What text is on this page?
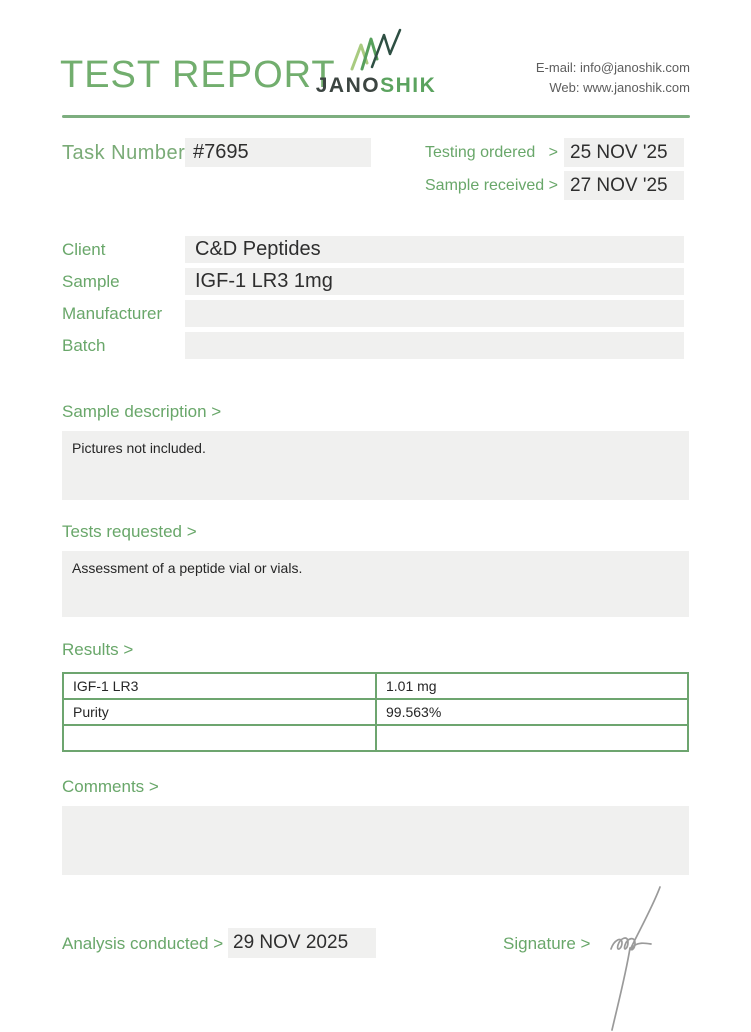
TEST REPORT
JANOSHIK
E-mail: info@janoshik.com
Web: www.janoshik.com
Task Number #7695	Testing ordered > 25 NOV '25
Sample received > 27 NOV '25
Client	C&D Peptides
Sample	IGF-1 LR3 1mg
Manufacturer
Batch
Sample description >
Pictures not included.
Tests requested >
Assessment of a peptide vial or vials.
Results >
IGF-1 LR3	1.01 mg
Purity	99.563%

Comments >
Analysis conducted > 29 NOV 2025	Signature >
